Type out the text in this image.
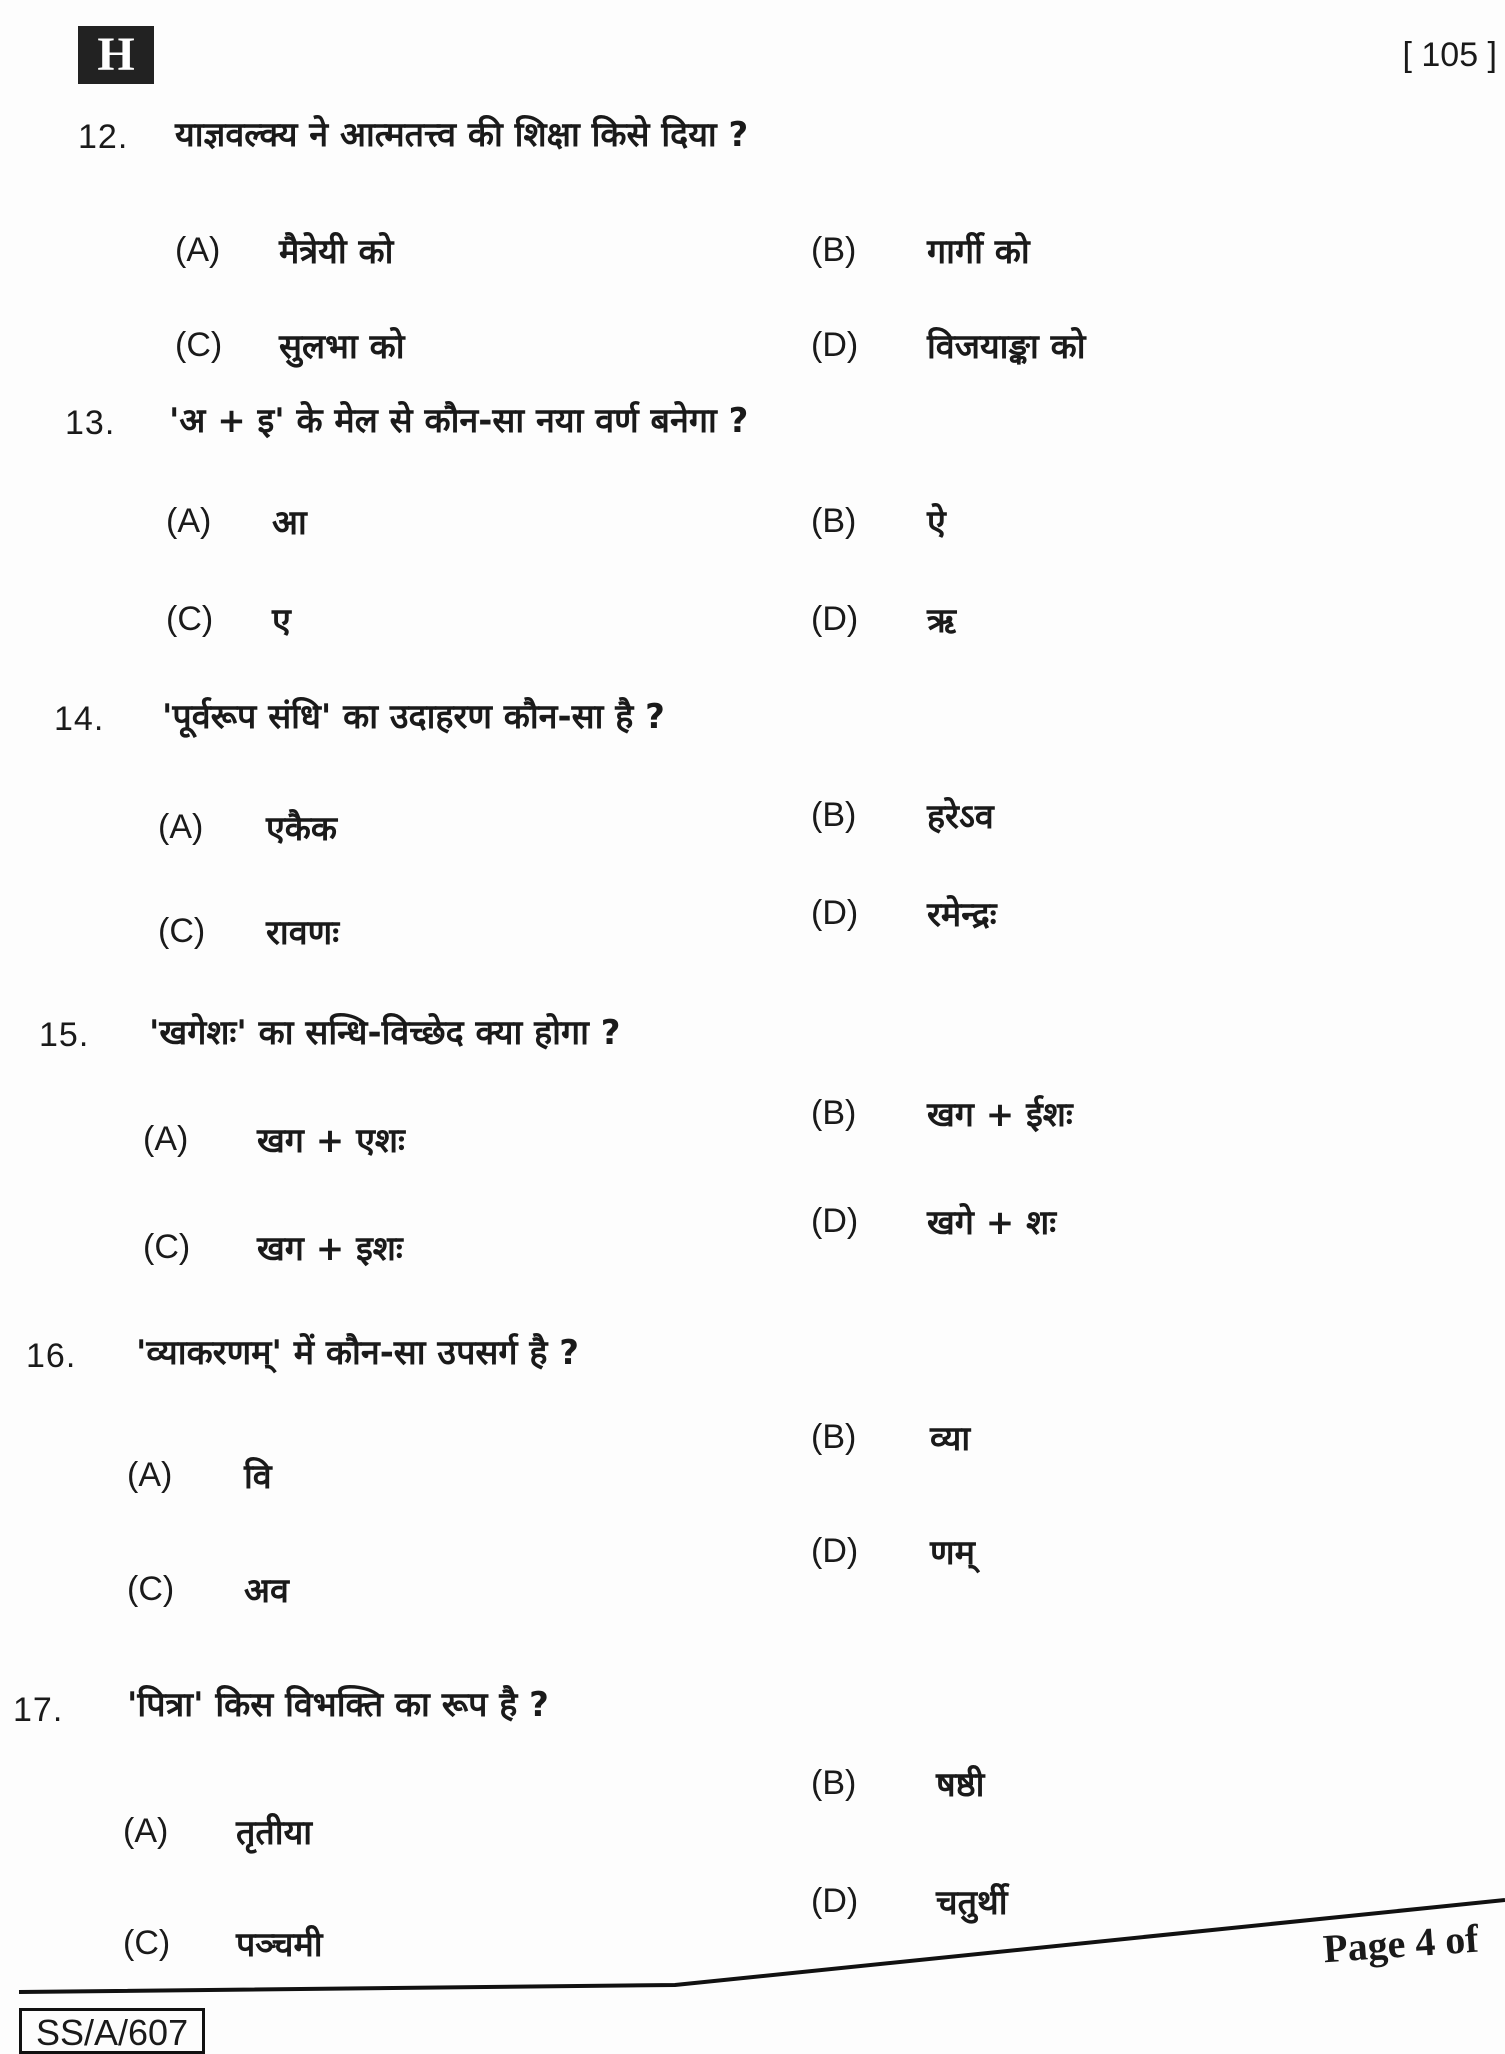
H	[ 105 ]
12. याज्ञवल्क्य ने आत्मतत्त्व की शिक्षा किसे दिया ?
(A) मैत्रेयी को	(B) गार्गी को
(C) सुलभा को	(D) विजयाङ्का को
13. 'अ + इ' के मेल से कौन-सा नया वर्ण बनेगा ?
(A) आ	(B) ऐ
(C) ए	(D) ऋ
14. 'पूर्वरूप संधि' का उदाहरण कौन-सा है ?
(A) एकैक	(B) हरेऽव
(C) रावणः	(D) रमेन्द्रः
15. 'खगेशः' का सन्धि-विच्छेद क्या होगा ?
(A) खग + एशः
(B) खग + ईशः
(C) खग + इशः
(D) खगे + शः
16. 'व्याकरणम्' में कौन-सा उपसर्ग है ?
(A) वि
(B) व्या
(C) अव
(D) णम्
17. 'पित्रा' किस विभक्ति का रूप है ?
(A) तृतीया
(B) षष्ठी
(C) पञ्चमी
(D) चतुर्थी
Page 4 of
SS/A/607
